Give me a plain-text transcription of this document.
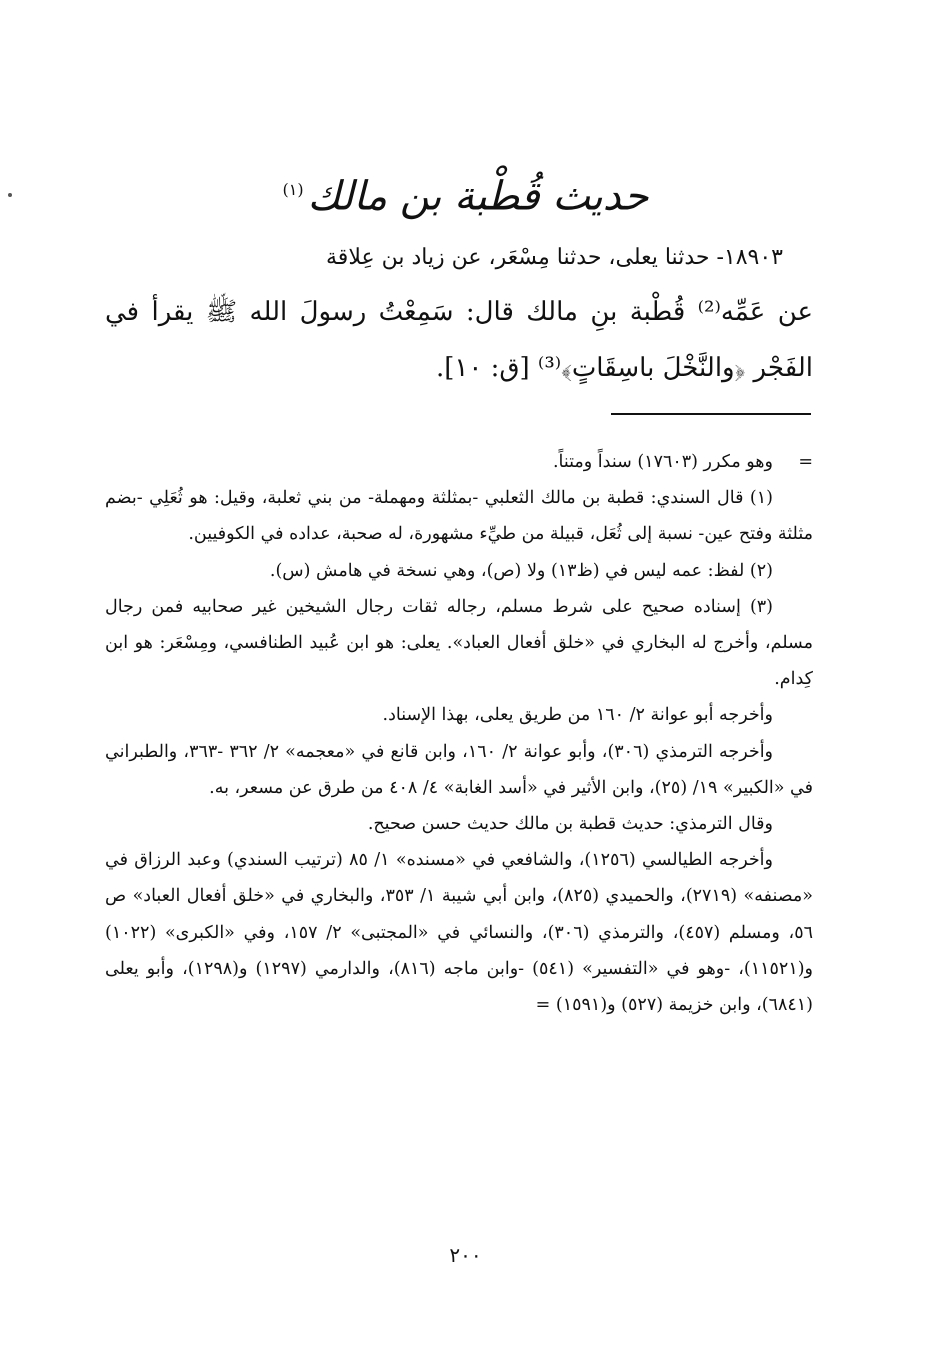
حديث قُطْبة بن مالك$^{(١)}$

١٨٩٠٣- حدثنا يعلى، حدثنا مِسْعَر، عن زياد بن عِلاقة

عن عَمِّه⁽²⁾ قُطْبة بنِ مالك قال: سَمِعْتُ رسولَ الله ﷺ يقرأ في الفَجْر ﴿والنَّخْلَ باسِقَاتٍ﴾⁽³⁾ [ق: ١٠].

=
وهو مكرر (١٧٦٠٣) سنداً ومتناً.

(١) قال السندي: قطبة بن مالك الثعلبي -بمثلثة ومهملة- من بني ثعلبة، وقيل: هو ثُعَلِي -بضم مثلثة وفتح عين- نسبة إلى ثُعَل، قبيلة من طيِّء مشهورة، له صحبة، عداده في الكوفيين.

(٢) لفظ: عمه ليس في (ظ١٣) ولا (ص)، وهي نسخة في هامش (س).

(٣) إسناده صحيح على شرط مسلم، رجاله ثقات رجال الشيخين غير صحابيه فمن رجال مسلم، وأخرج له البخاري في «خلق أفعال العباد». يعلى: هو ابن عُبيد الطنافسي، ومِسْعَر: هو ابن كِدام.

وأخرجه أبو عوانة ٢/ ١٦٠ من طريق يعلى، بهذا الإسناد.

وأخرجه الترمذي (٣٠٦)، وأبو عوانة ٢/ ١٦٠، وابن قانع في «معجمه» ٢/ ٣٦٢ -٣٦٣، والطبراني في «الكبير» ١٩/ (٢٥)، وابن الأثير في «أسد الغابة» ٤/ ٤٠٨ من طرق عن مسعر، به.

وقال الترمذي: حديث قطبة بن مالك حديث حسن صحيح.

وأخرجه الطيالسي (١٢٥٦)، والشافعي في «مسنده» ١/ ٨٥ (ترتيب السندي) وعبد الرزاق في «مصنفه» (٢٧١٩)، والحميدي (٨٢٥)، وابن أبي شيبة ١/ ٣٥٣، والبخاري في «خلق أفعال العباد» ص ٥٦، ومسلم (٤٥٧)، والترمذي (٣٠٦)، والنسائي في «المجتبى» ٢/ ١٥٧، وفي «الكبرى» (١٠٢٢) و(١١٥٢١)، -وهو في «التفسير» (٥٤١) -وابن ماجه (٨١٦)، والدارمي (١٢٩٧) و(١٢٩٨)، وأبو يعلى (٦٨٤١)، وابن خزيمة (٥٢٧) و(١٥٩١) =

٢٠٠
